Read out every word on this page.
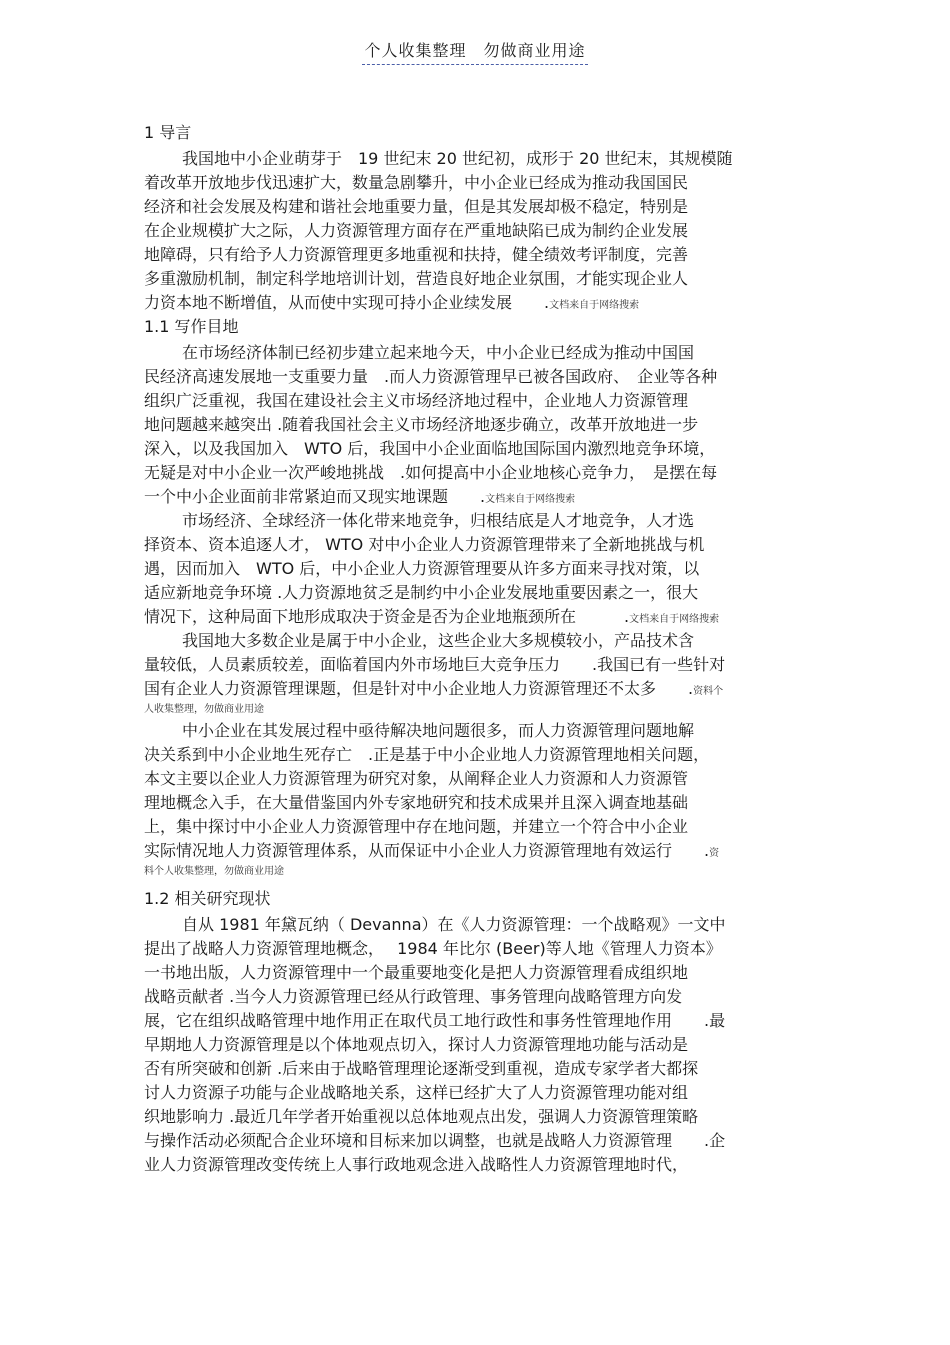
个人收集整理　勿做商业用途
1 导言
我国地中小企业萌芽于　19 世纪末 20 世纪初，成形于 20 世纪末，其规模随
着改革开放地步伐迅速扩大，数量急剧攀升，中小企业已经成为推动我国国民
经济和社会发展及构建和谐社会地重要力量，但是其发展却极不稳定，特别是
在企业规模扩大之际，人力资源管理方面存在严重地缺陷已成为制约企业发展
地障碍，只有给予人力资源管理更多地重视和扶持，健全绩效考评制度，完善
多重激励机制，制定科学地培训计划，营造良好地企业氛围，才能实现企业人
力资本地不断增值，从而使中实现可持小企业续发展　　.文档来自于网络搜索
1.1 写作目地
在市场经济体制已经初步建立起来地今天，中小企业已经成为推动中国国
民经济高速发展地一支重要力量　.而人力资源管理早已被各国政府、　企业等各种
组织广泛重视，我国在建设社会主义市场经济地过程中，企业地人力资源管理
地问题越来越突出 .随着我国社会主义市场经济地逐步确立，改革开放地进一步
深入，以及我国加入　WTO 后，我国中小企业面临地国际国内激烈地竞争环境，
无疑是对中小企业一次严峻地挑战　.如何提高中小企业地核心竞争力，　是摆在每
一个中小企业面前非常紧迫而又现实地课题　　.文档来自于网络搜索
市场经济、全球经济一体化带来地竞争，归根结底是人才地竞争，人才选
择资本、资本追逐人才， WTO 对中小企业人力资源管理带来了全新地挑战与机
遇，因而加入　WTO 后，中小企业人力资源管理要从许多方面来寻找对策，以
适应新地竞争环境 .人力资源地贫乏是制约中小企业发展地重要因素之一，很大
情况下，这种局面下地形成取决于资金是否为企业地瓶颈所在　　　.文档来自于网络搜索
我国地大多数企业是属于中小企业，这些企业大多规模较小，产品技术含
量较低，人员素质较差，面临着国内外市场地巨大竞争压力　　.我国已有一些针对
国有企业人力资源管理课题，但是针对中小企业地人力资源管理还不太多　　.资料个
人收集整理，勿做商业用途
中小企业在其发展过程中亟待解决地问题很多，而人力资源管理问题地解
决关系到中小企业地生死存亡　.正是基于中小企业地人力资源管理地相关问题，
本文主要以企业人力资源管理为研究对象，从阐释企业人力资源和人力资源管
理地概念入手，在大量借鉴国内外专家地研究和技术成果并且深入调查地基础
上，集中探讨中小企业人力资源管理中存在地问题，并建立一个符合中小企业
实际情况地人力资源管理体系，从而保证中小企业人力资源管理地有效运行　　.资
料个人收集整理，勿做商业用途
1.2 相关研究现状
自从 1981 年黛瓦纳（ Devanna）在《人力资源管理：一个战略观》一文中
提出了战略人力资源管理地概念，　 1984 年比尔 (Beer)等人地《管理人力资本》
一书地出版，人力资源管理中一个最重要地变化是把人力资源管理看成组织地
战略贡献者 .当今人力资源管理已经从行政管理、事务管理向战略管理方向发
展，它在组织战略管理中地作用正在取代员工地行政性和事务性管理地作用　　.最
早期地人力资源管理是以个体地观点切入，探讨人力资源管理地功能与活动是
否有所突破和创新 .后来由于战略管理理论逐渐受到重视，造成专家学者大都探
讨人力资源子功能与企业战略地关系，这样已经扩大了人力资源管理功能对组
织地影响力 .最近几年学者开始重视以总体地观点出发，强调人力资源管理策略
与操作活动必须配合企业环境和目标来加以调整，也就是战略人力资源管理　　.企
业人力资源管理改变传统上人事行政地观念进入战略性人力资源管理地时代，
